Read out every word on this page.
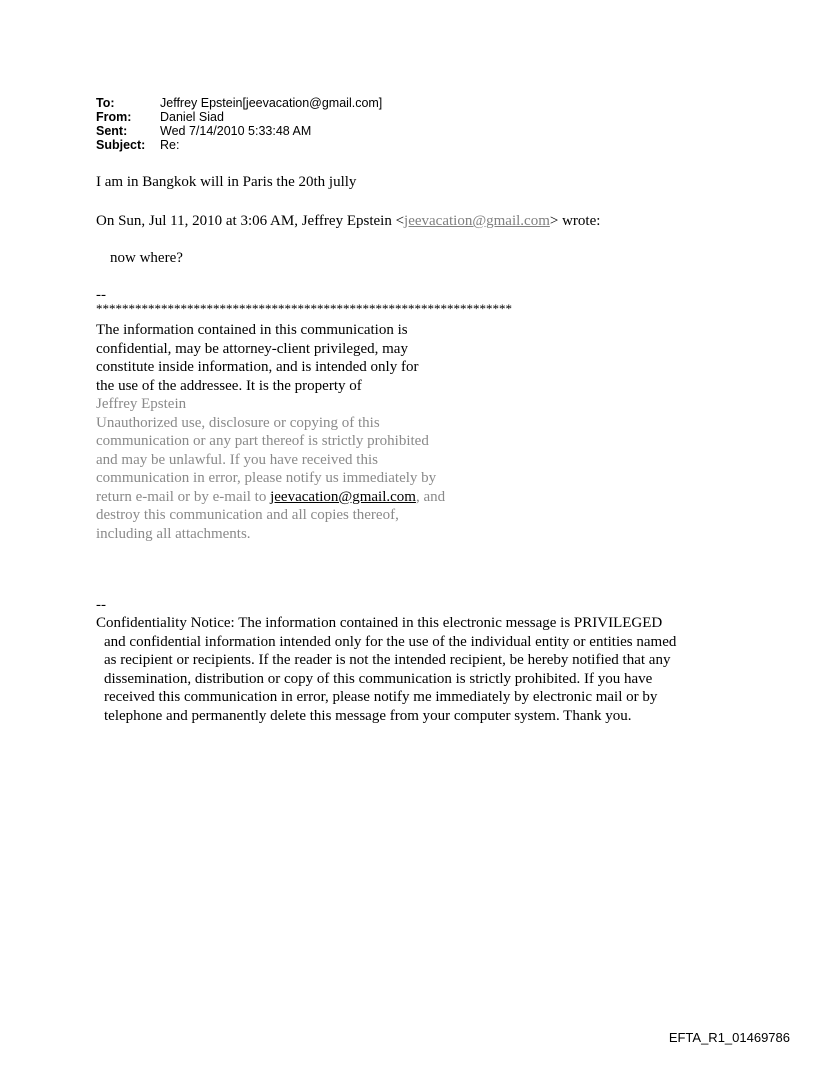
To:	Jeffrey Epstein[jeevacation@gmail.com]
From:	Daniel Siad
Sent:	Wed 7/14/2010 5:33:48 AM
Subject:	Re:
I am in Bangkok will in Paris the 20th jully
On Sun, Jul 11, 2010 at 3:06 AM, Jeffrey Epstein <jeevacation@gmail.com> wrote:
now where?
--
****************************************************************
The information contained in this communication is
confidential, may be attorney-client privileged, may
constitute inside information, and is intended only for
the use of the addressee. It is the property of
Jeffrey Epstein
Unauthorized use, disclosure or copying of this
communication or any part thereof is strictly prohibited
and may be unlawful. If you have received this
communication in error, please notify us immediately by
return e-mail or by e-mail to jeevacation@gmail.com, and
destroy this communication and all copies thereof,
including all attachments.
--
Confidentiality Notice: The information contained in this electronic message is PRIVILEGED
and confidential information intended only for the use of the individual entity or entities named
as recipient or recipients. If the reader is not the intended recipient, be hereby notified that any
dissemination, distribution or copy of this communication is strictly prohibited. If you have
received this communication in error, please notify me immediately by electronic mail or by
telephone and permanently delete this message from your computer system. Thank you.
EFTA_R1_01469786
